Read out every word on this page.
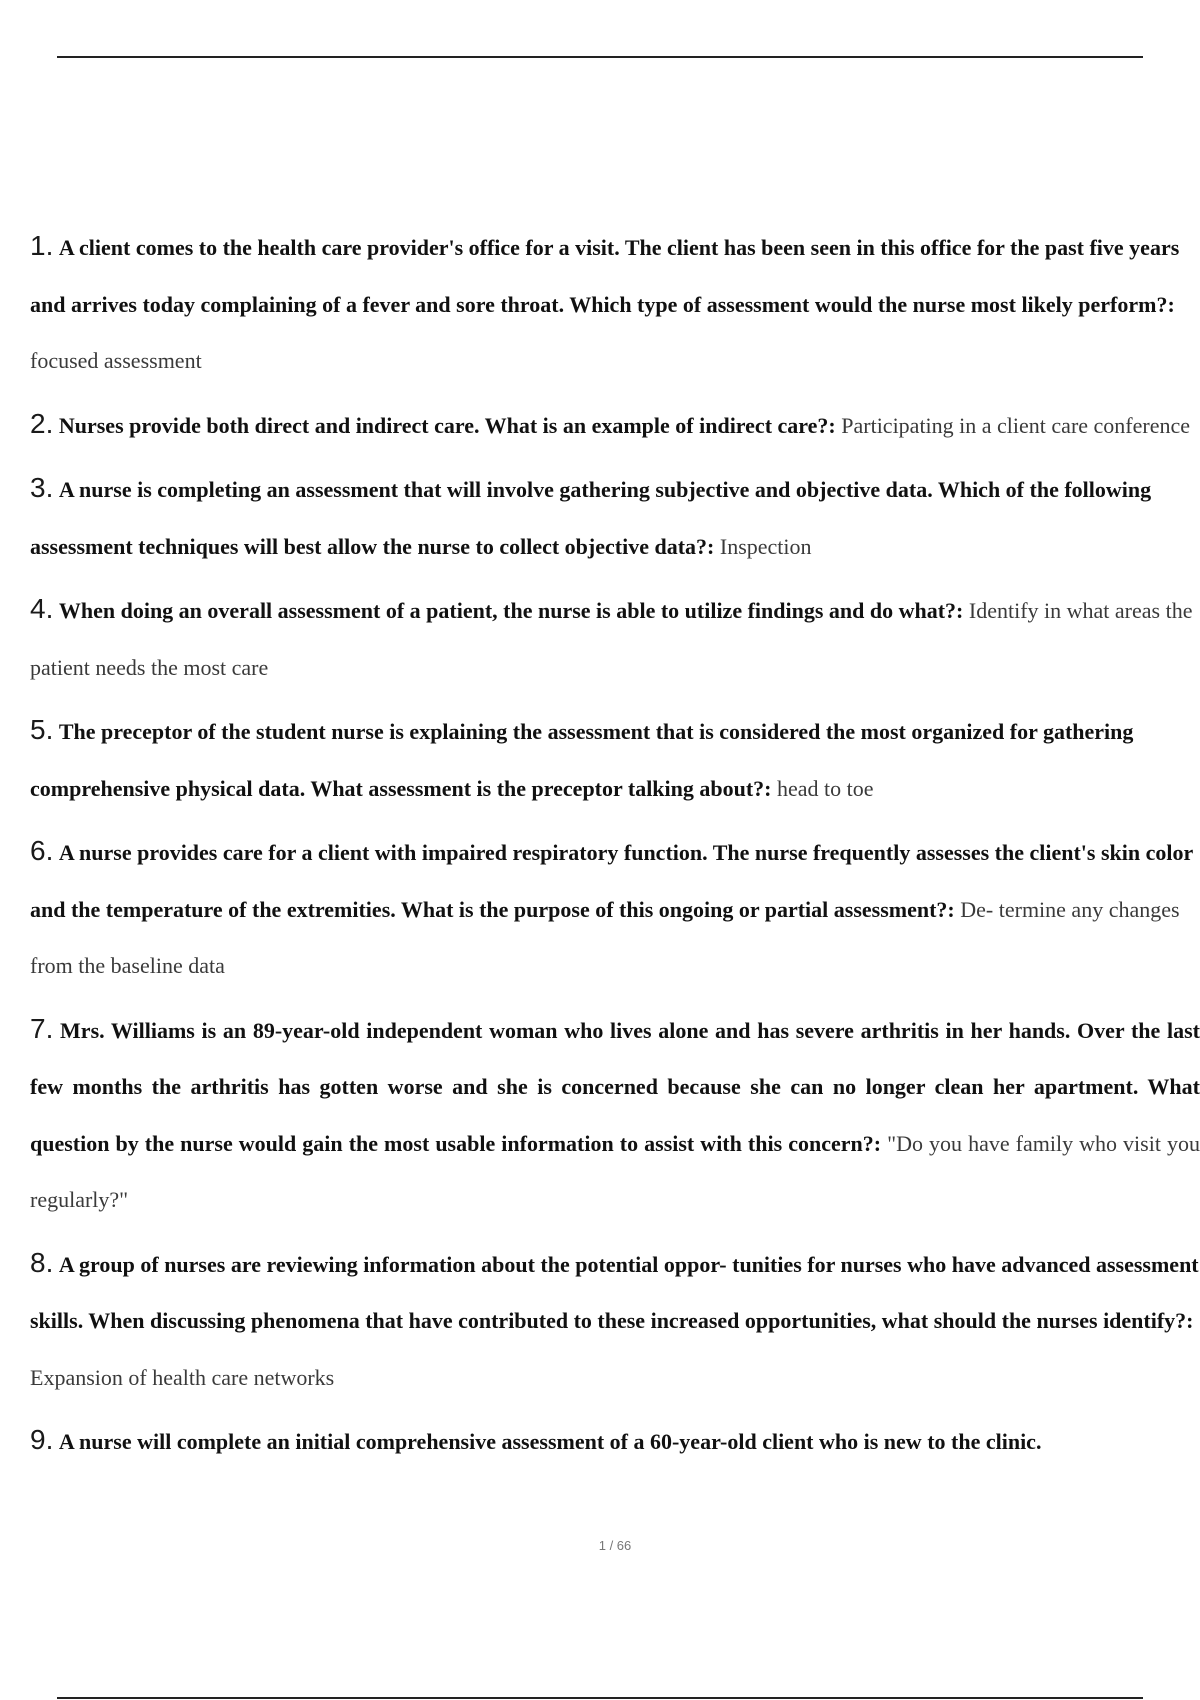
1. A client comes to the health care provider's office for a visit. The client has been seen in this office for the past five years and arrives today complaining of a fever and sore throat. Which type of assessment would the nurse most likely perform?: focused assessment

2. Nurses provide both direct and indirect care. What is an example of indirect care?: Participating in a client care conference

3. A nurse is completing an assessment that will involve gathering subjective and objective data. Which of the following assessment techniques will best allow the nurse to collect objective data?: Inspection

4. When doing an overall assessment of a patient, the nurse is able to utilize findings and do what?: Identify in what areas the patient needs the most care

5. The preceptor of the student nurse is explaining the assessment that is considered the most organized for gathering comprehensive physical data. What assessment is the preceptor talking about?: head to toe

6. A nurse provides care for a client with impaired respiratory function. The nurse frequently assesses the client's skin color and the temperature of the extremities. What is the purpose of this ongoing or partial assessment?: De- termine any changes from the baseline data

7. Mrs. Williams is an 89-year-old independent woman who lives alone and has severe arthritis in her hands. Over the last few months the arthritis has gotten worse and she is concerned because she can no longer clean her apartment. What question by the nurse would gain the most usable information to assist with this concern?: "Do you have family who visit you regularly?"

8. A group of nurses are reviewing information about the potential oppor- tunities for nurses who have advanced assessment skills. When discussing phenomena that have contributed to these increased opportunities, what should the nurses identify?: Expansion of health care networks

9. A nurse will complete an initial comprehensive assessment of a 60-year-old client who is new to the clinic.

1 / 66
